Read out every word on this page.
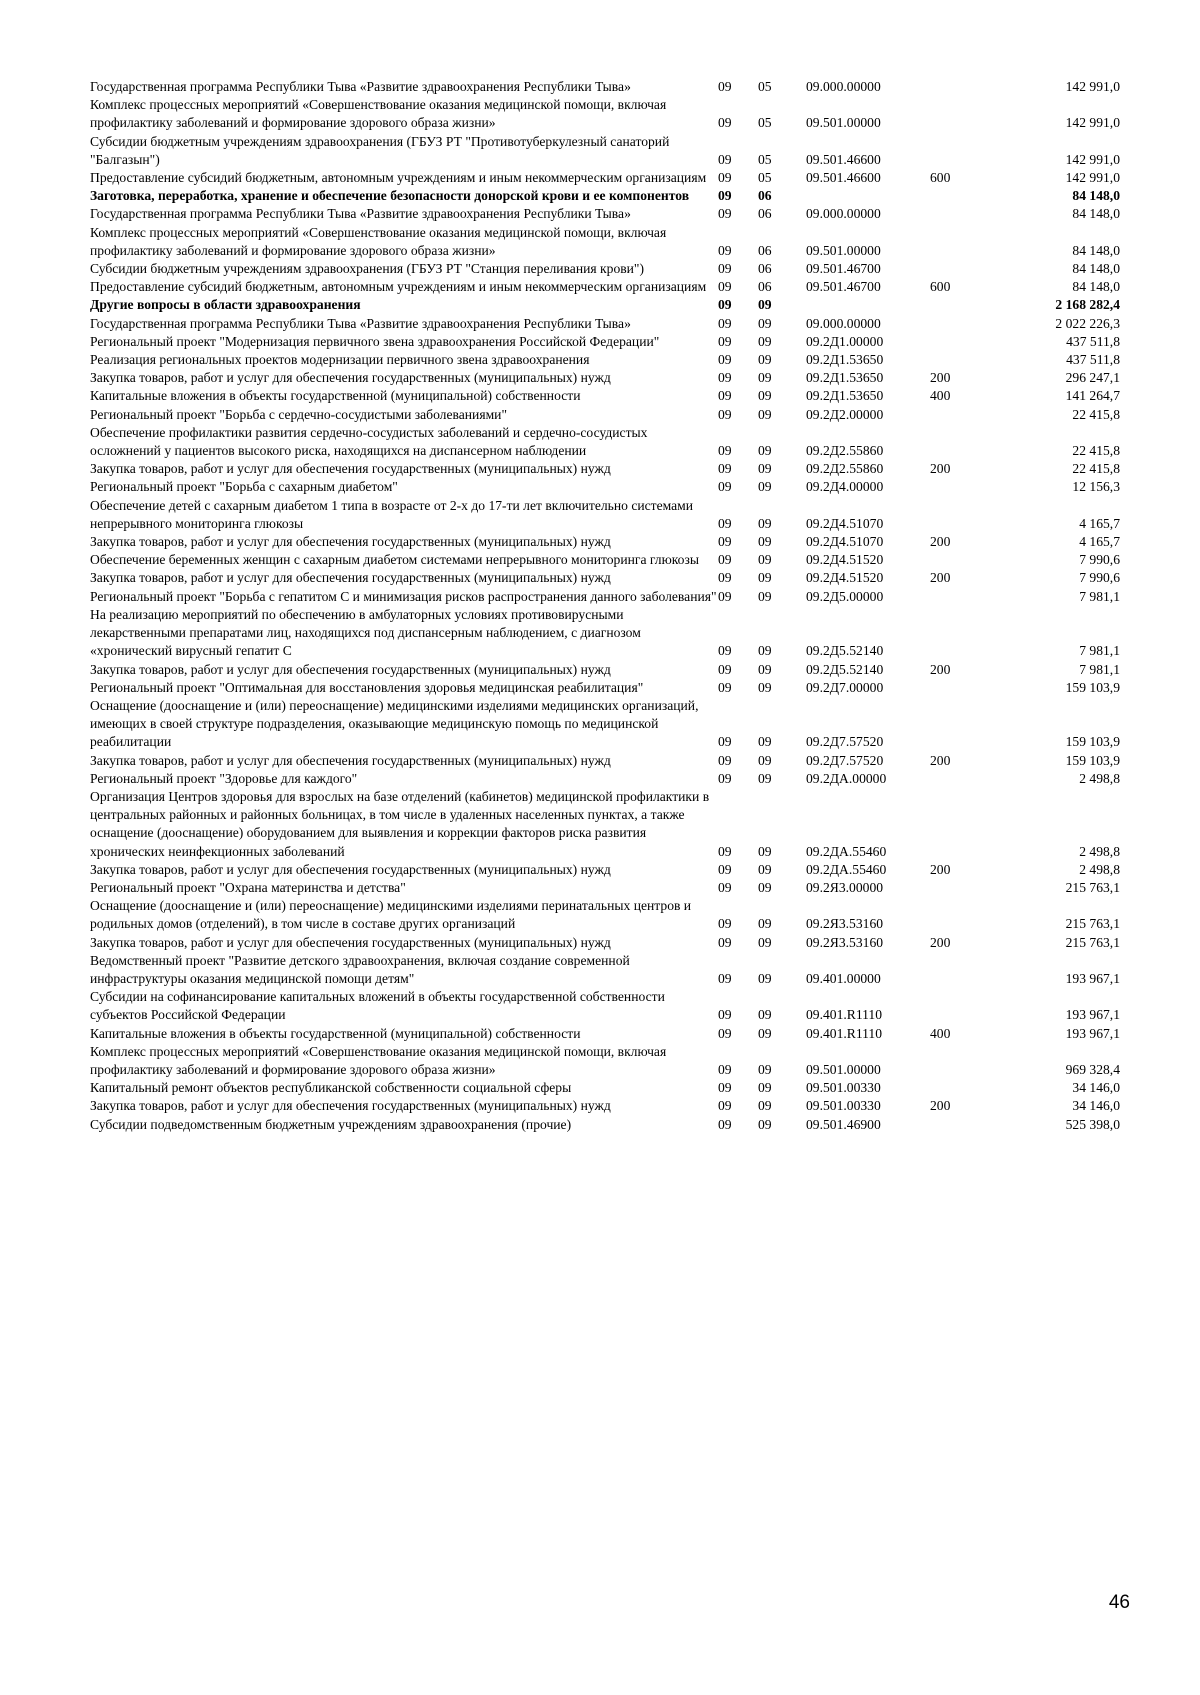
Государственная программа Республики Тыва «Развитие здравоохранения Республики Тыва»	09	05	09.000.00000		142 991,0
Комплекс процессных мероприятий «Совершенствование оказания медицинской помощи, включая профилактику заболеваний и формирование здорового образа жизни»	09	05	09.501.00000		142 991,0
Субсидии бюджетным учреждениям здравоохранения (ГБУЗ РТ "Противотуберкулезный санаторий "Балгазын")	09	05	09.501.46600		142 991,0
Предоставление субсидий бюджетным, автономным учреждениям и иным некоммерческим организациям	09	05	09.501.46600	600	142 991,0
Заготовка, переработка, хранение и обеспечение безопасности донорской крови и ее компонентов	09	06			84 148,0
Государственная программа Республики Тыва «Развитие здравоохранения Республики Тыва»	09	06	09.000.00000		84 148,0
Комплекс процессных мероприятий «Совершенствование оказания медицинской помощи, включая профилактику заболеваний и формирование здорового образа жизни»	09	06	09.501.00000		84 148,0
Субсидии бюджетным учреждениям здравоохранения (ГБУЗ РТ "Станция переливания крови")	09	06	09.501.46700		84 148,0
Предоставление субсидий бюджетным, автономным учреждениям и иным некоммерческим организациям	09	06	09.501.46700	600	84 148,0
Другие вопросы в области здравоохранения	09	09			2 168 282,4
Государственная программа Республики Тыва «Развитие здравоохранения Республики Тыва»	09	09	09.000.00000		2 022 226,3
Региональный проект "Модернизация первичного звена здравоохранения Российской Федерации"	09	09	09.2Д1.00000		437 511,8
Реализация региональных проектов модернизации первичного звена здравоохранения	09	09	09.2Д1.53650		437 511,8
Закупка товаров, работ и услуг для обеспечения государственных (муниципальных) нужд	09	09	09.2Д1.53650	200	296 247,1
Капитальные вложения в объекты государственной (муниципальной) собственности	09	09	09.2Д1.53650	400	141 264,7
Региональный проект "Борьба с сердечно-сосудистыми заболеваниями"	09	09	09.2Д2.00000		22 415,8
Обеспечение профилактики развития сердечно-сосудистых заболеваний и сердечно-сосудистых осложнений у пациентов высокого риска, находящихся на диспансерном наблюдении	09	09	09.2Д2.55860		22 415,8
Закупка товаров, работ и услуг для обеспечения государственных (муниципальных) нужд	09	09	09.2Д2.55860	200	22 415,8
Региональный проект "Борьба с сахарным диабетом"	09	09	09.2Д4.00000		12 156,3
Обеспечение детей с сахарным диабетом 1 типа в возрасте от 2-х до 17-ти лет включительно системами непрерывного мониторинга глюкозы	09	09	09.2Д4.51070		4 165,7
Закупка товаров, работ и услуг для обеспечения государственных (муниципальных) нужд	09	09	09.2Д4.51070	200	4 165,7
Обеспечение беременных женщин с сахарным диабетом системами непрерывного мониторинга глюкозы	09	09	09.2Д4.51520		7 990,6
Закупка товаров, работ и услуг для обеспечения государственных (муниципальных) нужд	09	09	09.2Д4.51520	200	7 990,6
Региональный проект "Борьба с гепатитом С и минимизация рисков распространения данного заболевания"	09	09	09.2Д5.00000		7 981,1
На реализацию мероприятий по обеспечению в амбулаторных условиях противовирусными лекарственными препаратами лиц, находящихся под диспансерным наблюдением, с диагнозом «хронический вирусный гепатит С	09	09	09.2Д5.52140		7 981,1
Закупка товаров, работ и услуг для обеспечения государственных (муниципальных) нужд	09	09	09.2Д5.52140	200	7 981,1
Региональный проект "Оптимальная для восстановления здоровья медицинская реабилитация"	09	09	09.2Д7.00000		159 103,9
Оснащение (дооснащение и (или) переоснащение) медицинскими изделиями медицинских организаций, имеющих в своей структуре подразделения, оказывающие медицинскую помощь по медицинской реабилитации	09	09	09.2Д7.57520		159 103,9
Закупка товаров, работ и услуг для обеспечения государственных (муниципальных) нужд	09	09	09.2Д7.57520	200	159 103,9
Региональный проект "Здоровье для каждого"	09	09	09.2ДА.00000		2 498,8
Организация Центров здоровья для взрослых на базе отделений (кабинетов) медицинской профилактики в центральных районных и районных больницах, в том числе в удаленных населенных пунктах, а также оснащение (дооснащение) оборудованием для выявления и коррекции факторов риска развития хронических неинфекционных заболеваний	09	09	09.2ДА.55460		2 498,8
Закупка товаров, работ и услуг для обеспечения государственных (муниципальных) нужд	09	09	09.2ДА.55460	200	2 498,8
Региональный проект "Охрана материнства и детства"	09	09	09.2Я3.00000		215 763,1
Оснащение (дооснащение и (или) переоснащение) медицинскими изделиями перинатальных центров и родильных домов (отделений), в том числе в составе других организаций	09	09	09.2Я3.53160		215 763,1
Закупка товаров, работ и услуг для обеспечения государственных (муниципальных) нужд	09	09	09.2Я3.53160	200	215 763,1
Ведомственный проект "Развитие детского здравоохранения, включая создание современной инфраструктуры оказания медицинской помощи детям"	09	09	09.401.00000		193 967,1
Субсидии на софинансирование капитальных вложений в объекты государственной собственности субъектов Российской Федерации	09	09	09.401.R1110		193 967,1
Капитальные вложения в объекты государственной (муниципальной) собственности	09	09	09.401.R1110	400	193 967,1
Комплекс процессных мероприятий «Совершенствование оказания медицинской помощи, включая профилактику заболеваний и формирование здорового образа жизни»	09	09	09.501.00000		969 328,4
Капитальный ремонт объектов республиканской собственности социальной сферы	09	09	09.501.00330		34 146,0
Закупка товаров, работ и услуг для обеспечения государственных (муниципальных) нужд	09	09	09.501.00330	200	34 146,0
Субсидии подведомственным бюджетным учреждениям здравоохранения (прочие)	09	09	09.501.46900		525 398,0
46
